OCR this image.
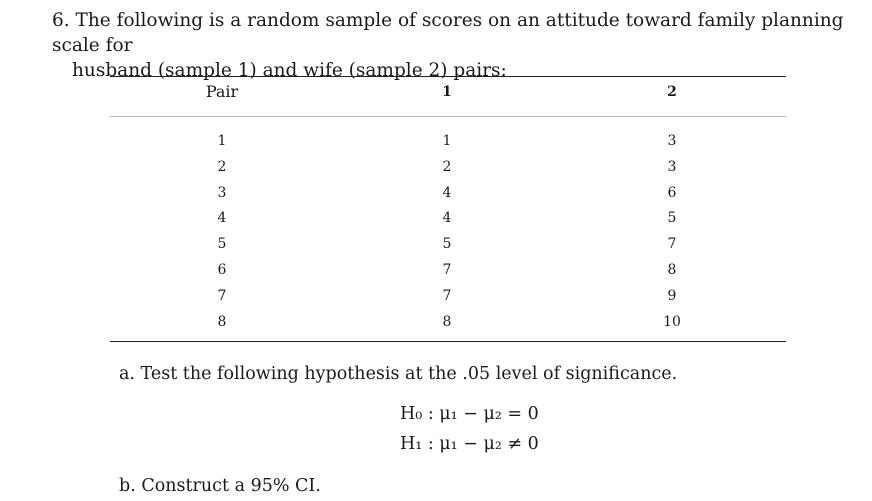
6. The following is a random sample of scores on an attitude toward family planning scale for
husband (sample 1) and wife (sample 2) pairs:
Pair	1	2
1	1	3
2	2	3
3	4	6
4	4	5
5	5	7
6	7	8
7	7	9
8	8	10
a. Test the following hypothesis at the .05 level of significance.
H₀ : μ₁ − μ₂ = 0
H₁ : μ₁ − μ₂ ≠ 0
b. Construct a 95% CI.
